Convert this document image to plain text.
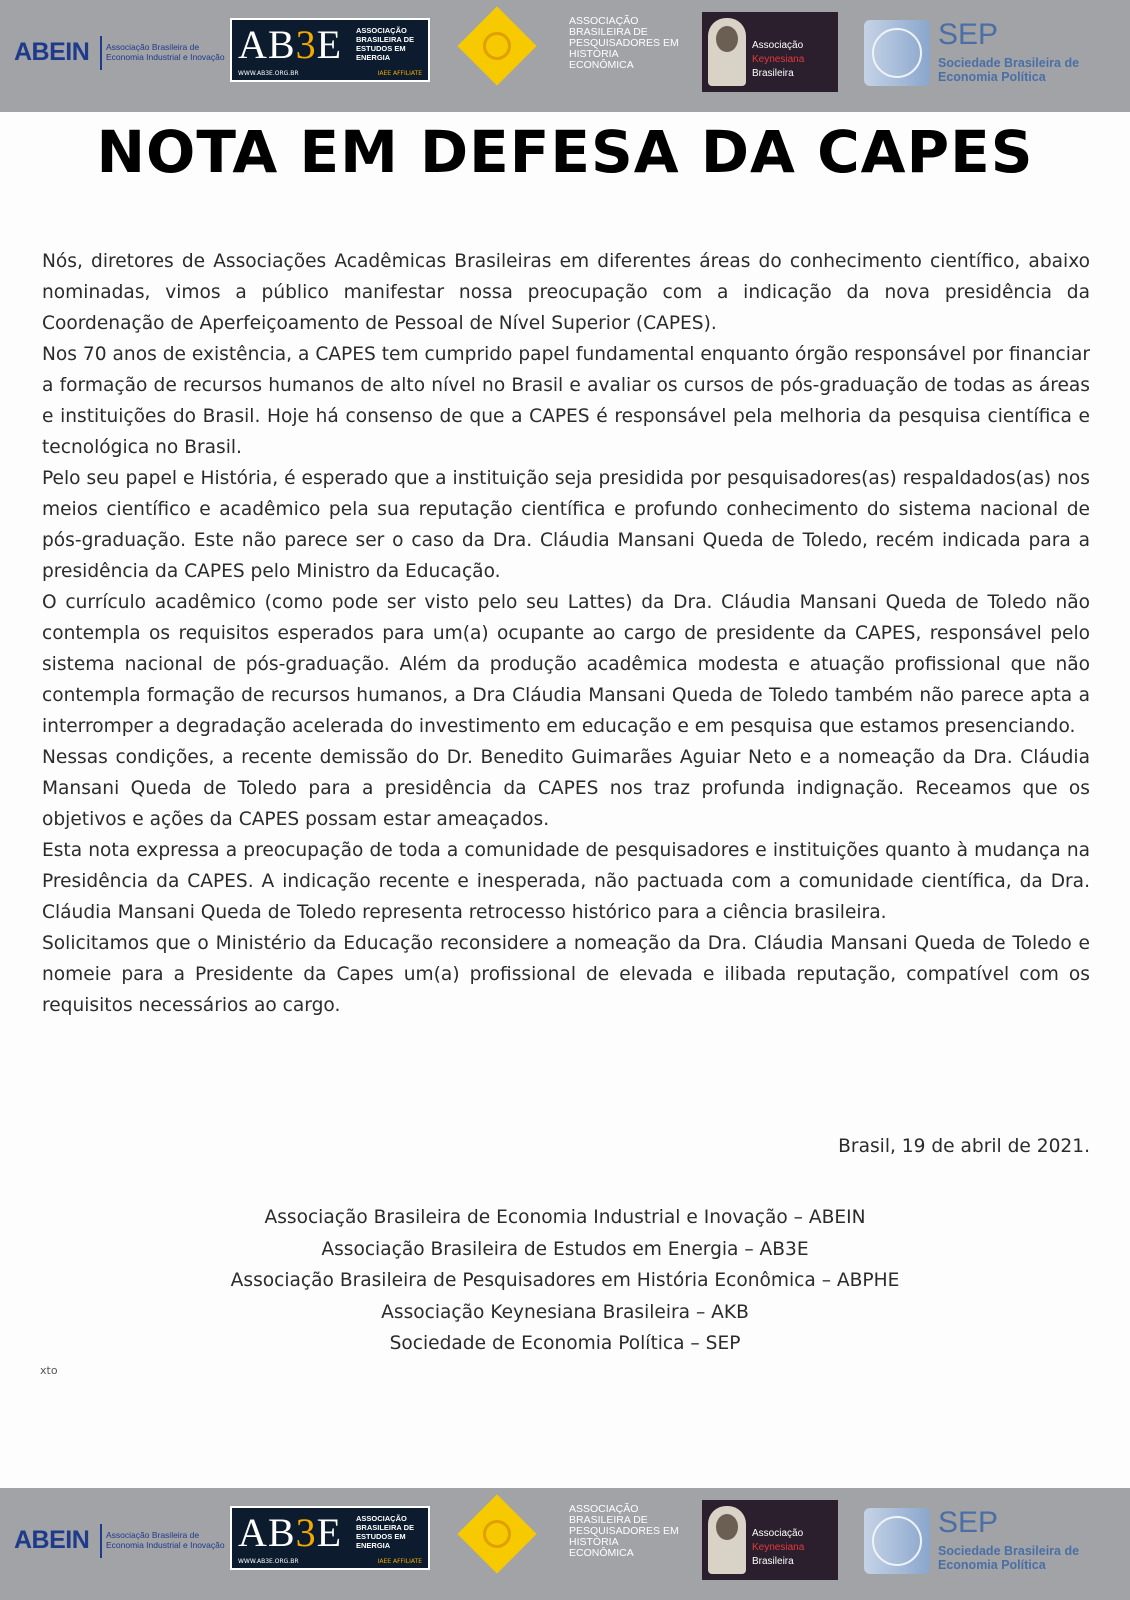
ABEIN Associação Brasileira de Economia Industrial e Inovação AB3E ASSOCIAÇÃO BRASILEIRA DE ESTUDOS EM ENERGIA
WWW.AB3E.ORG.BR	IAEE AFFILIATE
ASSOCIAÇÃO BRASILEIRA DE PESQUISADORES EM HISTÓRIA ECONÔMICA
Associação
Keynesiana
Brasileira
SEP
Sociedade Brasileira de Economia Política
NOTA EM DEFESA DA CAPES

Nós, diretores de Associações Acadêmicas Brasileiras em diferentes áreas do conhecimento científico, abaixo nominadas, vimos a público manifestar nossa preocupação com a indicação da nova presidência da Coordenação de Aperfeiçoamento de Pessoal de Nível Superior (CAPES).

Nos 70 anos de existência, a CAPES tem cumprido papel fundamental enquanto órgão responsável por financiar a formação de recursos humanos de alto nível no Brasil e avaliar os cursos de pós-graduação de todas as áreas e instituições do Brasil. Hoje há consenso de que a CAPES é responsável pela melhoria da pesquisa científica e tecnológica no Brasil.

Pelo seu papel e História, é esperado que a instituição seja presidida por pesquisadores(as) respaldados(as) nos meios científico e acadêmico pela sua reputação científica e profundo conhecimento do sistema nacional de pós-graduação. Este não parece ser o caso da Dra. Cláudia Mansani Queda de Toledo, recém indicada para a presidência da CAPES pelo Ministro da Educação.

O currículo acadêmico (como pode ser visto pelo seu Lattes) da Dra. Cláudia Mansani Queda de Toledo não contempla os requisitos esperados para um(a) ocupante ao cargo de presidente da CAPES, responsável pelo sistema nacional de pós-graduação. Além da produção acadêmica modesta e atuação profissional que não contempla formação de recursos humanos, a Dra Cláudia Mansani Queda de Toledo também não parece apta a interromper a degradação acelerada do investimento em educação e em pesquisa que estamos presenciando.

Nessas condições, a recente demissão do Dr. Benedito Guimarães Aguiar Neto e a nomeação da Dra. Cláudia Mansani Queda de Toledo para a presidência da CAPES nos traz profunda indignação. Receamos que os objetivos e ações da CAPES possam estar ameaçados.

Esta nota expressa a preocupação de toda a comunidade de pesquisadores e instituições quanto à mudança na Presidência da CAPES. A indicação recente e inesperada, não pactuada com a comunidade científica, da Dra. Cláudia Mansani Queda de Toledo representa retrocesso histórico para a ciência brasileira.

Solicitamos que o Ministério da Educação reconsidere a nomeação da Dra. Cláudia Mansani Queda de Toledo e nomeie para a Presidente da Capes um(a) profissional de elevada e ilibada reputação, compatível com os requisitos necessários ao cargo.

Brasil, 19 de abril de 2021.
Associação Brasileira de Economia Industrial e Inovação – ABEIN
Associação Brasileira de Estudos em Energia – AB3E
Associação Brasileira de Pesquisadores em História Econômica – ABPHE
Associação Keynesiana Brasileira – AKB
Sociedade de Economia Política – SEP
xto
ABEIN Associação Brasileira de Economia Industrial e Inovação AB3E ASSOCIAÇÃO BRASILEIRA DE ESTUDOS EM ENERGIA
WWW.AB3E.ORG.BR	IAEE AFFILIATE
ASSOCIAÇÃO BRASILEIRA DE PESQUISADORES EM HISTÓRIA ECONÔMICA
Associação
Keynesiana
Brasileira
SEP
Sociedade Brasileira de Economia Política
